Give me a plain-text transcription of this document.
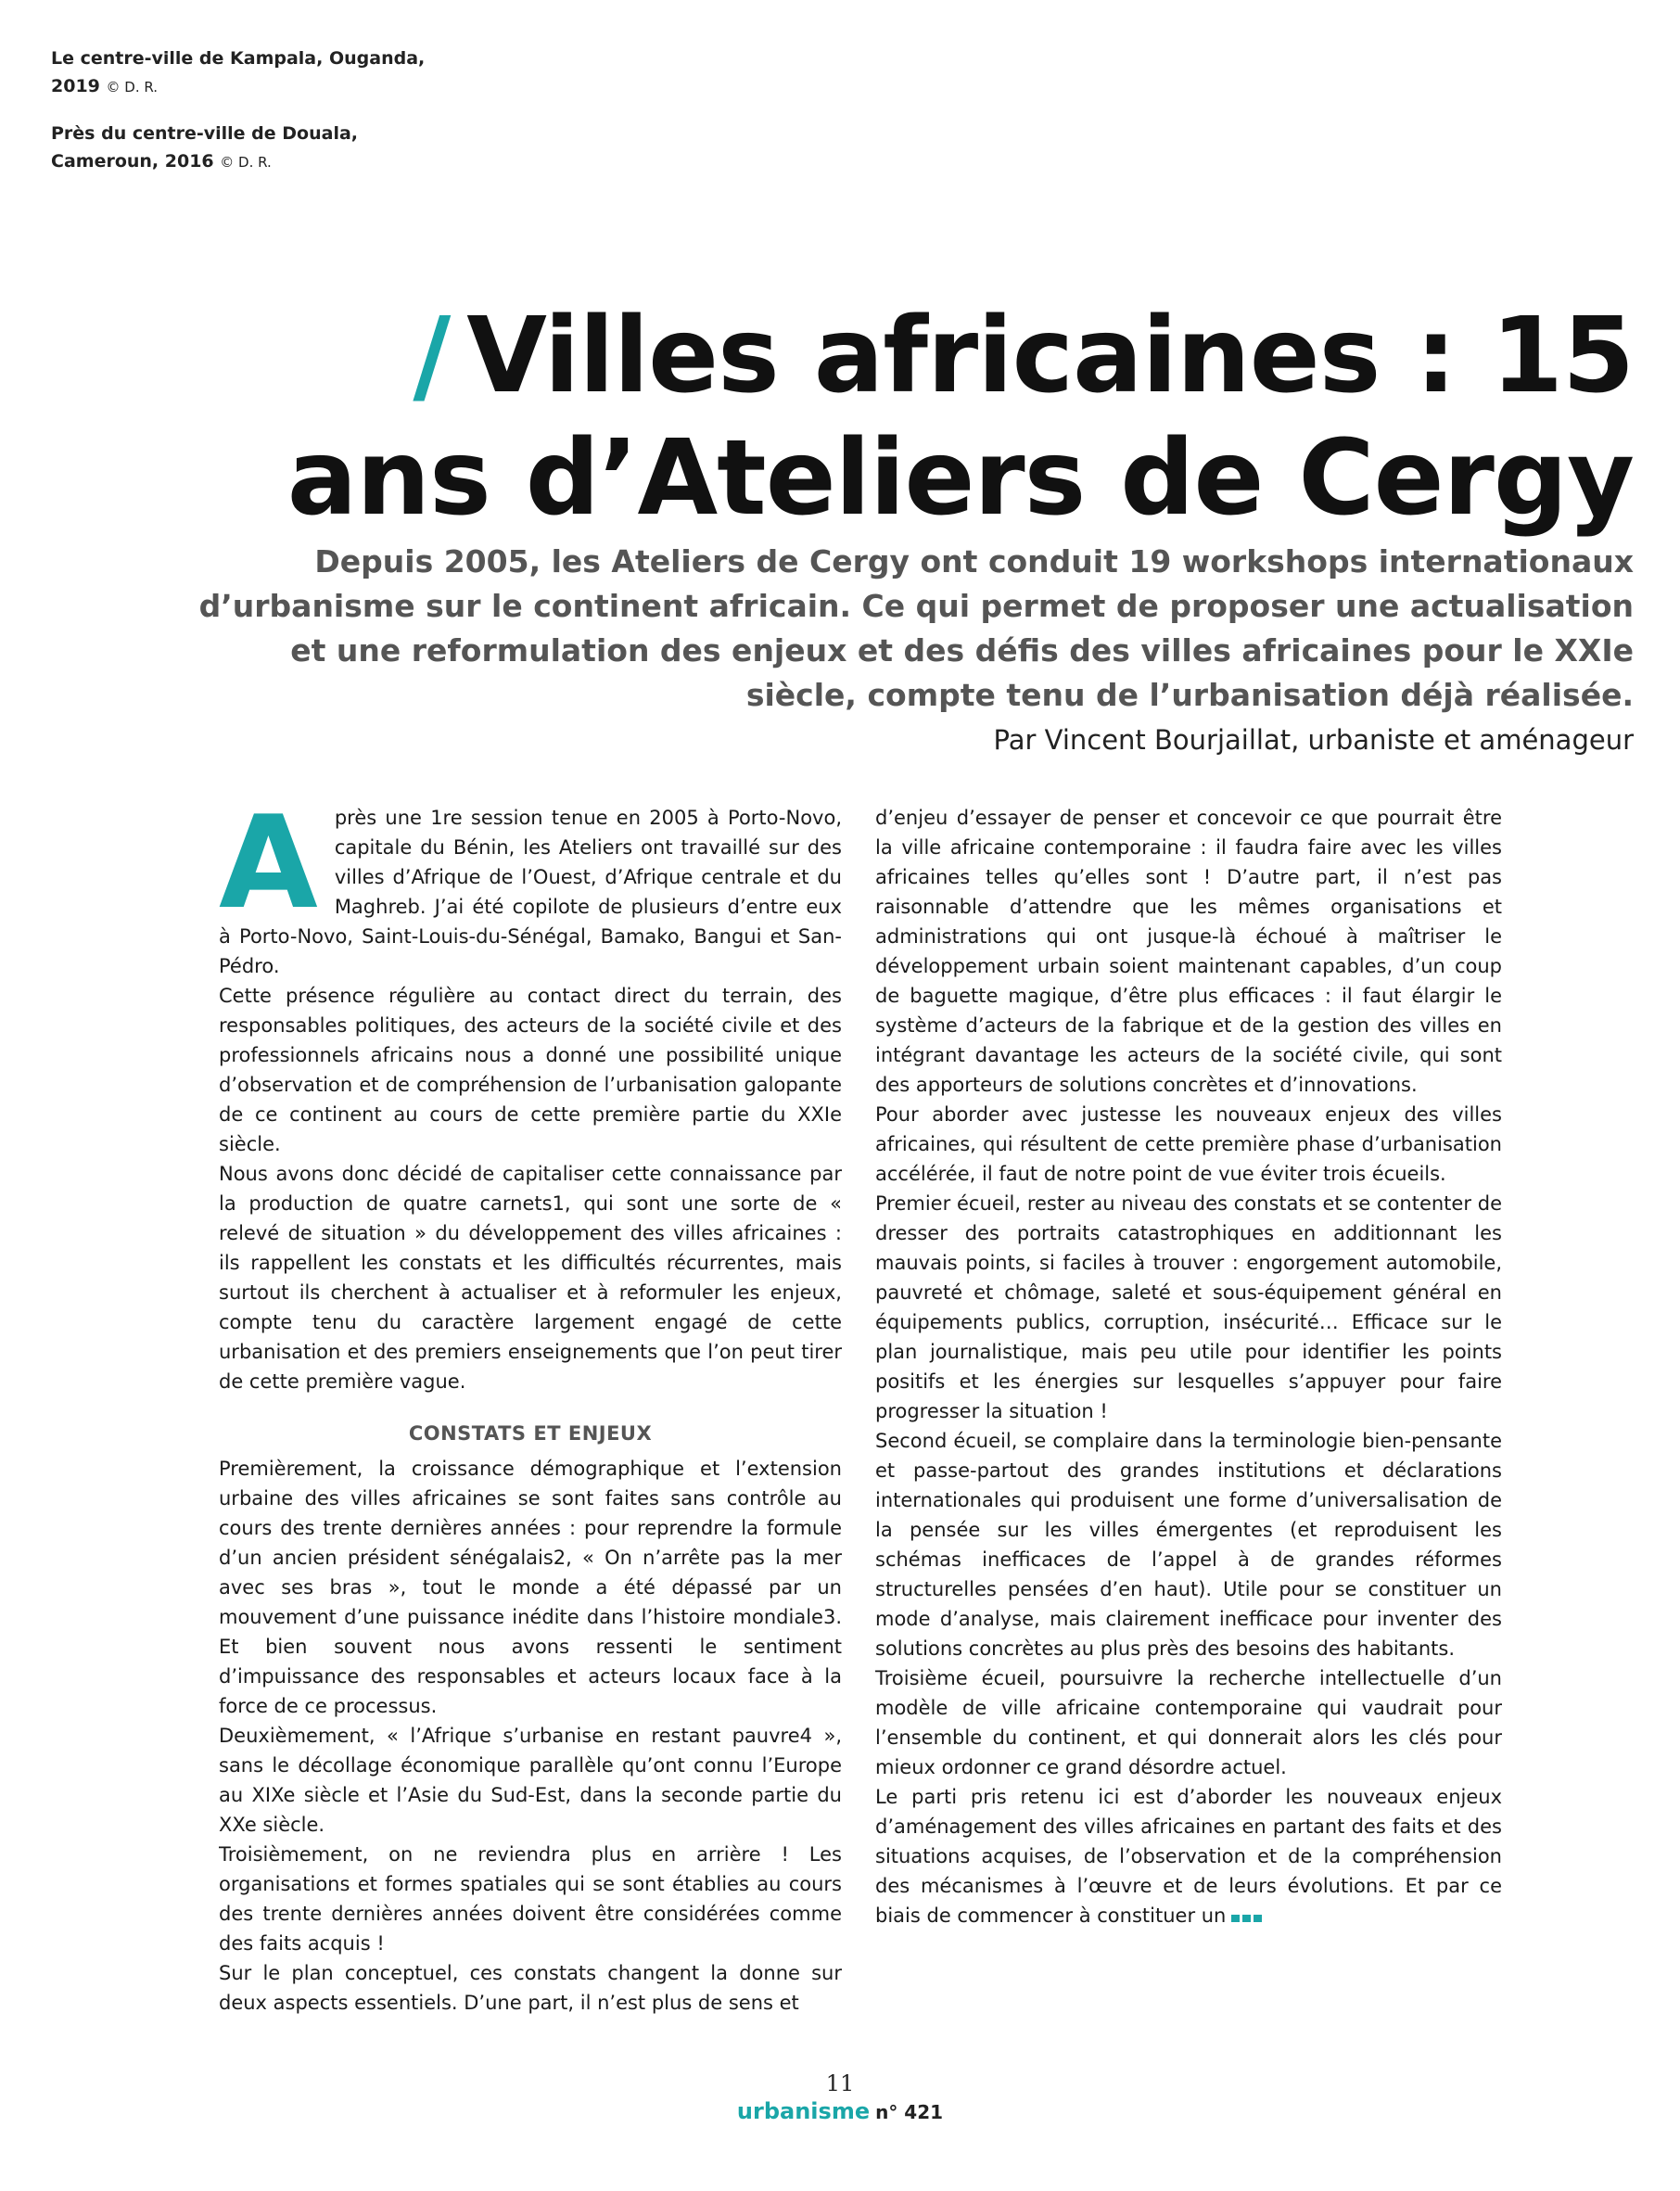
Le centre-ville de Kampala, Ouganda, 2019 © D. R.

Près du centre-ville de Douala, Cameroun, 2016 © D. R.

/ Villes africaines : 15 ans d’Ateliers de Cergy

Depuis 2005, les Ateliers de Cergy ont conduit 19 workshops internationaux d’urbanisme sur le continent africain. Ce qui permet de proposer une actualisation et une reformulation des enjeux et des défis des villes africaines pour le XXIe siècle, compte tenu de l’urbanisation déjà réalisée.

Par Vincent Bourjaillat, urbaniste et aménageur

A près une 1re session tenue en 2005 à Porto-Novo, capitale du Bénin, les Ateliers ont travaillé sur des villes d’Afrique de l’Ouest, d’Afrique centrale et du Maghreb. J’ai été copilote de plusieurs d’entre eux à Porto-Novo, Saint-Louis-du-Sénégal, Bamako, Bangui et San-Pédro.

Cette présence régulière au contact direct du terrain, des responsables politiques, des acteurs de la société civile et des professionnels africains nous a donné une possibilité unique d’observation et de compréhension de l’urbanisation galopante de ce continent au cours de cette première partie du XXIe siècle.

Nous avons donc décidé de capitaliser cette connaissance par la production de quatre carnets1, qui sont une sorte de « relevé de situation » du développement des villes africaines : ils rappellent les constats et les difficultés récurrentes, mais surtout ils cherchent à actualiser et à reformuler les enjeux, compte tenu du caractère largement engagé de cette urbanisation et des premiers enseignements que l’on peut tirer de cette première vague.

CONSTATS ET ENJEUX

Premièrement, la croissance démographique et l’extension urbaine des villes africaines se sont faites sans contrôle au cours des trente dernières années : pour reprendre la formule d’un ancien président sénégalais2, « On n’arrête pas la mer avec ses bras », tout le monde a été dépassé par un mouvement d’une puissance inédite dans l’histoire mondiale3. Et bien souvent nous avons ressenti le sentiment d’impuissance des responsables et acteurs locaux face à la force de ce processus.

Deuxièmement, « l’Afrique s’urbanise en restant pauvre4 », sans le décollage économique parallèle qu’ont connu l’Europe au XIXe siècle et l’Asie du Sud-Est, dans la seconde partie du XXe siècle.

Troisièmement, on ne reviendra plus en arrière ! Les organisations et formes spatiales qui se sont établies au cours des trente dernières années doivent être considérées comme des faits acquis !

Sur le plan conceptuel, ces constats changent la donne sur deux aspects essentiels. D’une part, il n’est plus de sens et

d’enjeu d’essayer de penser et concevoir ce que pourrait être la ville africaine contemporaine : il faudra faire avec les villes africaines telles qu’elles sont ! D’autre part, il n’est pas raisonnable d’attendre que les mêmes organisations et administrations qui ont jusque-là échoué à maîtriser le développement urbain soient maintenant capables, d’un coup de baguette magique, d’être plus efficaces : il faut élargir le système d’acteurs de la fabrique et de la gestion des villes en intégrant davantage les acteurs de la société civile, qui sont des apporteurs de solutions concrètes et d’innovations.

Pour aborder avec justesse les nouveaux enjeux des villes africaines, qui résultent de cette première phase d’urbanisation accélérée, il faut de notre point de vue éviter trois écueils.

Premier écueil, rester au niveau des constats et se contenter de dresser des portraits catastrophiques en additionnant les mauvais points, si faciles à trouver : engorgement automobile, pauvreté et chômage, saleté et sous-équipement général en équipements publics, corruption, insécurité… Efficace sur le plan journalistique, mais peu utile pour identifier les points positifs et les énergies sur lesquelles s’appuyer pour faire progresser la situation !

Second écueil, se complaire dans la terminologie bien-pensante et passe-partout des grandes institutions et déclarations internationales qui produisent une forme d’universalisation de la pensée sur les villes émergentes (et reproduisent les schémas inefficaces de l’appel à de grandes réformes structurelles pensées d’en haut). Utile pour se constituer un mode d’analyse, mais clairement inefficace pour inventer des solutions concrètes au plus près des besoins des habitants.

Troisième écueil, poursuivre la recherche intellectuelle d’un modèle de ville africaine contemporaine qui vaudrait pour l’ensemble du continent, et qui donnerait alors les clés pour mieux ordonner ce grand désordre actuel.

Le parti pris retenu ici est d’aborder les nouveaux enjeux d’aménagement des villes africaines en partant des faits et des situations acquises, de l’observation et de la compréhension des mécanismes à l’œuvre et de leurs évolutions. Et par ce biais de commencer à constituer un

11
urbanisme n° 421
